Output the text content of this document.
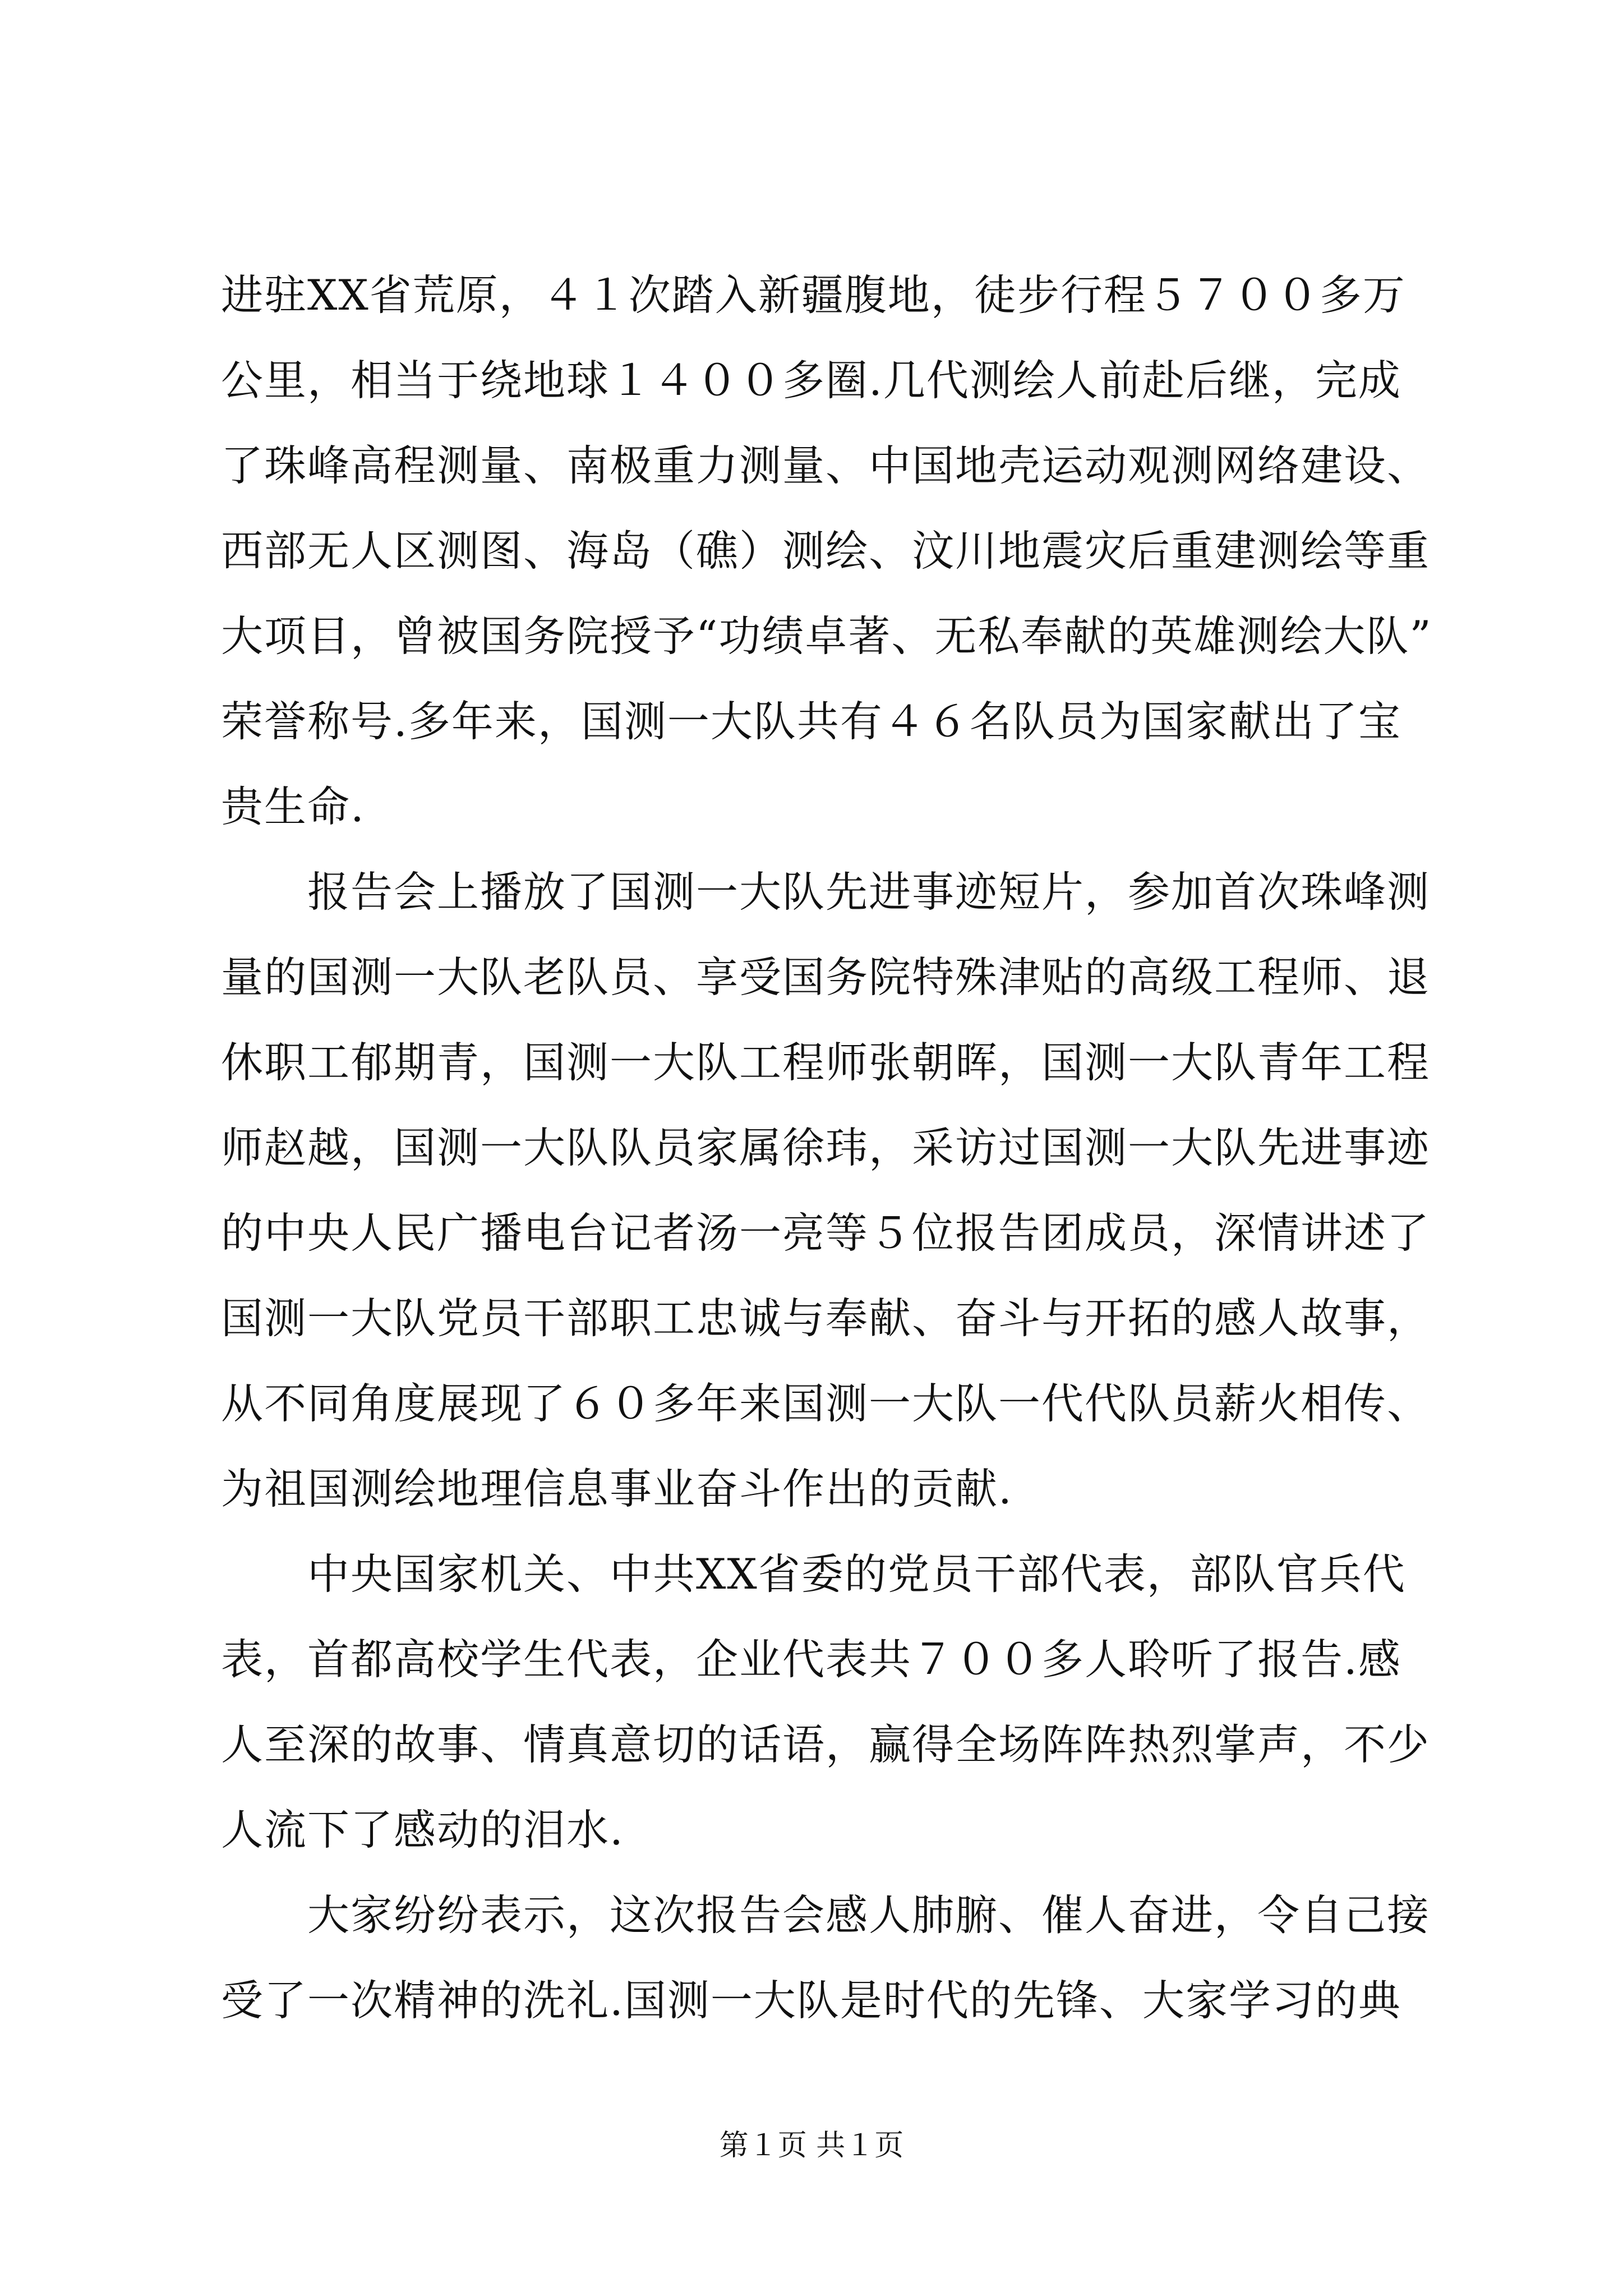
进驻XX省荒原，４１次踏入新疆腹地，徒步行程５７００多万
公里，相当于绕地球１４００多圈.几代测绘人前赴后继，完成
了珠峰高程测量、南极重力测量、中国地壳运动观测网络建设、
西部无人区测图、海岛（礁）测绘、汶川地震灾后重建测绘等重
大项目，曾被国务院授予“功绩卓著、无私奉献的英雄测绘大队”
荣誉称号.多年来，国测一大队共有４６名队员为国家献出了宝
贵生命.
　　报告会上播放了国测一大队先进事迹短片，参加首次珠峰测
量的国测一大队老队员、享受国务院特殊津贴的高级工程师、退
休职工郁期青，国测一大队工程师张朝晖，国测一大队青年工程
师赵越，国测一大队队员家属徐玮，采访过国测一大队先进事迹
的中央人民广播电台记者汤一亮等５位报告团成员，深情讲述了
国测一大队党员干部职工忠诚与奉献、奋斗与开拓的感人故事，
从不同角度展现了６０多年来国测一大队一代代队员薪火相传、
为祖国测绘地理信息事业奋斗作出的贡献.
　　中央国家机关、中共XX省委的党员干部代表，部队官兵代
表，首都高校学生代表，企业代表共７００多人聆听了报告.感
人至深的故事、情真意切的话语，赢得全场阵阵热烈掌声，不少
人流下了感动的泪水.
　　大家纷纷表示，这次报告会感人肺腑、催人奋进，令自己接
受了一次精神的洗礼.国测一大队是时代的先锋、大家学习的典
第１页 共１页
